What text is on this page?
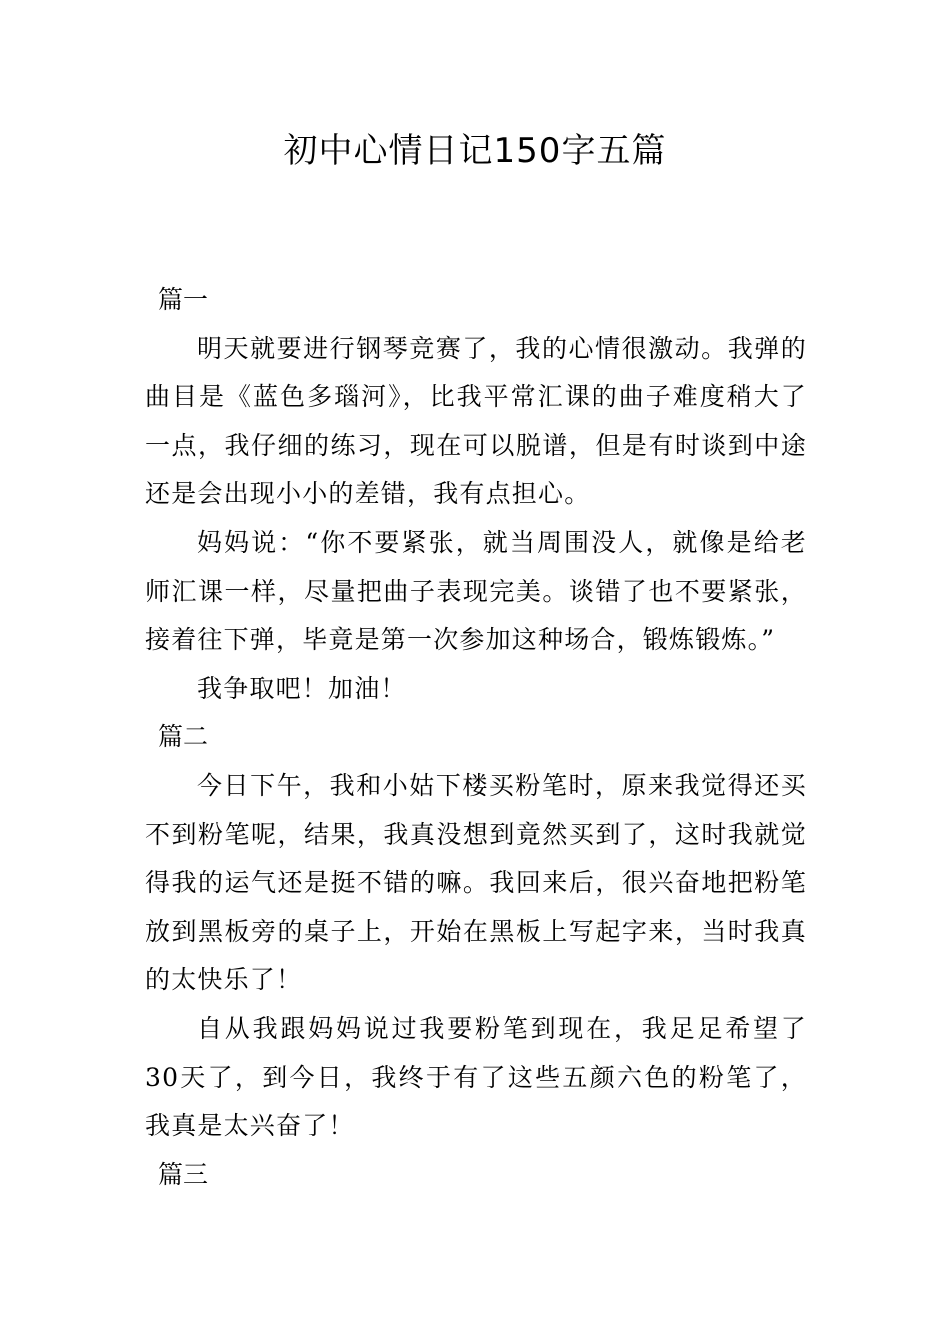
初中心情日记150字五篇

篇一

明天就要进行钢琴竞赛了，我的心情很激动。我弹的曲目是《蓝色多瑙河》，比我平常汇课的曲子难度稍大了一点，我仔细的练习，现在可以脱谱，但是有时谈到中途还是会出现小小的差错，我有点担心。

妈妈说：“你不要紧张，就当周围没人，就像是给老师汇课一样，尽量把曲子表现完美。谈错了也不要紧张，接着往下弹，毕竟是第一次参加这种场合，锻炼锻炼。”

我争取吧！加油！

篇二

今日下午，我和小姑下楼买粉笔时，原来我觉得还买不到粉笔呢，结果，我真没想到竟然买到了，这时我就觉得我的运气还是挺不错的嘛。我回来后，很兴奋地把粉笔放到黑板旁的桌子上，开始在黑板上写起字来，当时我真的太快乐了！

自从我跟妈妈说过我要粉笔到现在，我足足希望了 30天了，到今日，我终于有了这些五颜六色的粉笔了，我真是太兴奋了！

篇三
